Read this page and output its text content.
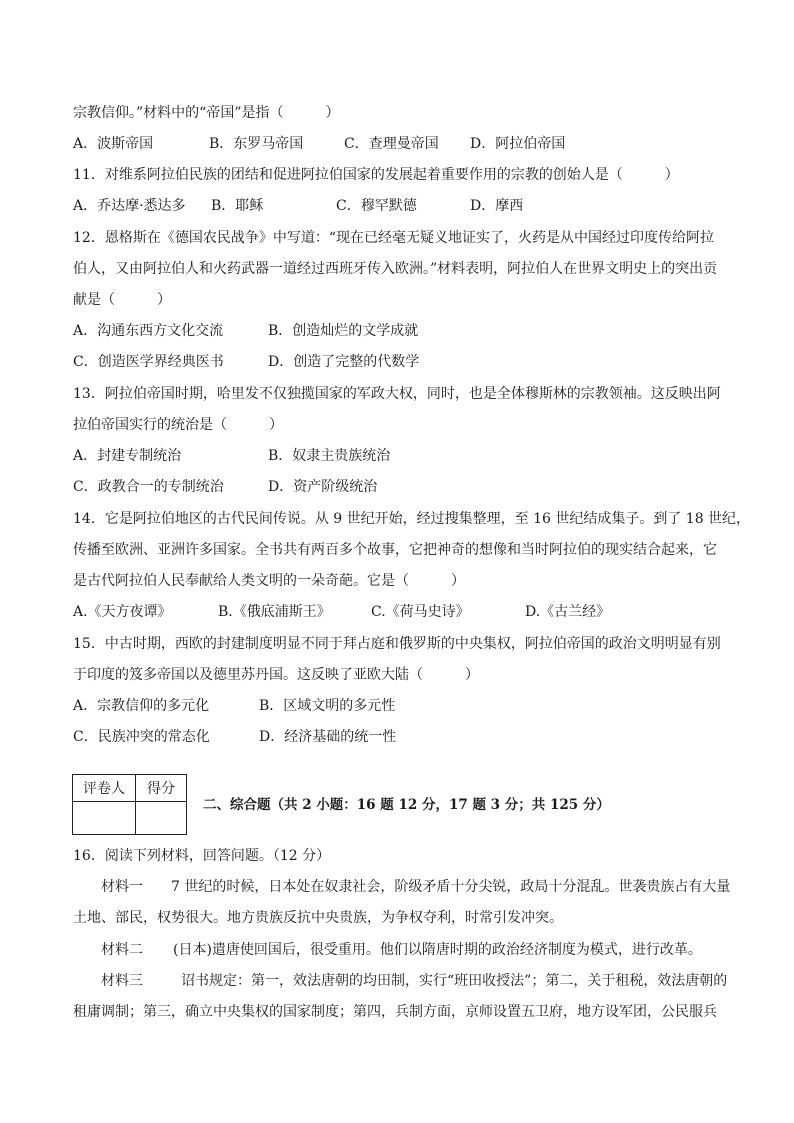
宗教信仰。”材料中的“帝国”是指（　　　）
A．波斯帝国	B．东罗马帝国	C．查理曼帝国 D．阿拉伯帝国
11．对维系阿拉伯民族的团结和促进阿拉伯国家的发展起着重要作用的宗教的创始人是（　　　）
A．乔达摩·悉达多 B．耶稣	C．穆罕默德	D．摩西
12．恩格斯在《德国农民战争》中写道：“现在已经毫无疑义地证实了，火药是从中国经过印度传给阿拉
伯人，又由阿拉伯人和火药武器一道经过西班牙传入欧洲。”材料表明，阿拉伯人在世界文明史上的突出贡
献是（　　　）
A．沟通东西方文化交流	B．创造灿烂的文学成就
C．创造医学界经典医书	D．创造了完整的代数学
13．阿拉伯帝国时期，哈里发不仅独揽国家的军政大权，同时，也是全体穆斯林的宗教领袖。这反映出阿
拉伯帝国实行的统治是（　　　）
A．封建专制统治	B．奴隶主贵族统治
C．政教合一的专制统治	D．资产阶级统治
14．它是阿拉伯地区的古代民间传说。从 9 世纪开始，经过搜集整理，至 16 世纪结成集子。到了 18 世纪，
传播至欧洲、亚洲许多国家。全书共有两百多个故事，它把神奇的想像和当时阿拉伯的现实结合起来，它
是古代阿拉伯人民奉献给人类文明的一朵奇葩。它是（　　　）
A.《天方夜谭》	B.《俄底浦斯王》	C.《荷马史诗》	D.《古兰经》
15．中古时期，西欧的封建制度明显不同于拜占庭和俄罗斯的中央集权，阿拉伯帝国的政治文明明显有别
于印度的笈多帝国以及德里苏丹国。这反映了亚欧大陆（　　　）
A．宗教信仰的多元化	B．区域文明的多元性
C．民族冲突的常态化	D．经济基础的统一性
评卷人	得分

二、综合题（共 2 小题：16 题 12 分，17 题 3 分；共 125 分）
16．阅读下列材料，回答问题。（12 分）
材料一 7 世纪的时候，日本处在奴隶社会，阶级矛盾十分尖锐，政局十分混乱。世袭贵族占有大量
土地、部民，权势很大。地方贵族反抗中央贵族，为争权夺利，时常引发冲突。
材料二 (日本)遣唐使回国后，很受重用。他们以隋唐时期的政治经济制度为模式，进行改革。
材料三	诏书规定：第一，效法唐朝的均田制，实行“班田收授法”；第二，关于租税，效法唐朝的
租庸调制；第三，确立中央集权的国家制度；第四，兵制方面，京师设置五卫府，地方设军团，公民服兵
